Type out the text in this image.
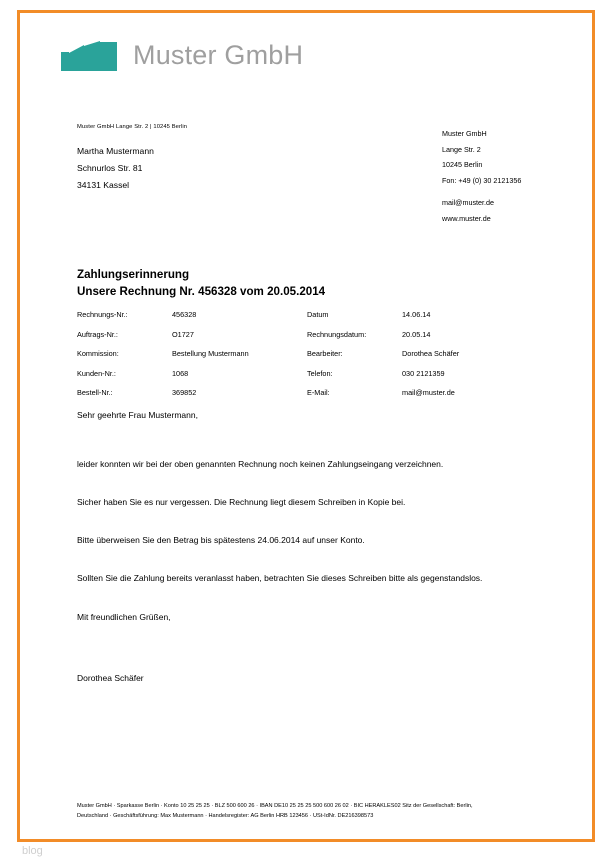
Muster GmbH
Muster GmbH Lange Str. 2 | 10245 Berlin
Martha Mustermann
Schnurlos Str. 81
34131 Kassel
Muster GmbH
Lange Str. 2
10245 Berlin
Fon: +49 (0) 30 2121356
mail@muster.de
www.muster.de
Zahlungserinnerung
Unsere Rechnung Nr. 456328 vom 20.05.2014
Rechnungs-Nr.:	456328	Datum	14.06.14
Auftrags-Nr.:	O1727	Rechnungsdatum:	20.05.14
Kommission:	Bestellung Mustermann	Bearbeiter:	Dorothea Schäfer
Kunden-Nr.:	1068	Telefon:	030 2121359
Bestell-Nr.:	369852	E-Mail:	mail@muster.de

Sehr geehrte Frau Mustermann,

leider konnten wir bei der oben genannten Rechnung noch keinen Zahlungseingang verzeichnen.

Sicher haben Sie es nur vergessen. Die Rechnung liegt diesem Schreiben in Kopie bei.

Bitte überweisen Sie den Betrag bis spätestens 24.06.2014 auf unser Konto.

Sollten Sie die Zahlung bereits veranlasst haben, betrachten Sie dieses Schreiben bitte als gegenstandslos.

Mit freundlichen Grüßen,

Dorothea Schäfer

Muster GmbH · Sparkasse Berlin · Konto 10 25 25 25 · BLZ 500 600 26 · IBAN DE10 25 25 25 500 600 26 02 · BIC HERAKLES02 Sitz der Gesellschaft: Berlin,
Deutschland · Geschäftsführung: Max Mustermann · Handelsregister: AG Berlin HRB 123456 · USt-IdNr. DE216398573
blog
